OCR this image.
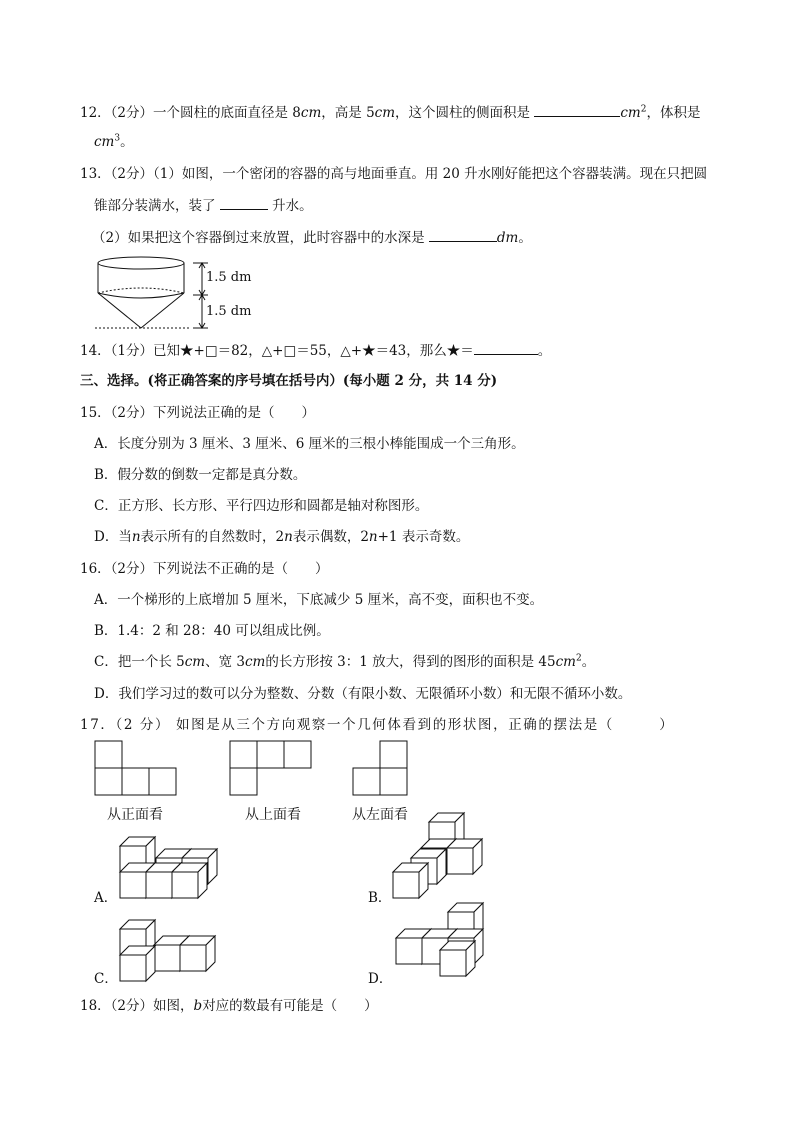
12．（2分）一个圆柱的底面直径是 8cm，高是 5cm，这个圆柱的侧面积是	$cm^2$，体积是
$cm^3$。
13．（2分）（1）如图，一个密闭的容器的高与地面垂直。用 20 升水刚好能把这个容器装满。现在只把圆
锥部分装满水，装了	升水。
（2）如果把这个容器倒过来放置，此时容器中的水深是	dm。
1.5 dm
1.5 dm
14．（1分）已知★+□＝82，△+□＝55，△+★＝43，那么★＝	。
三、选择。(将正确答案的序号填在括号内）(每小题 2 分，共 14 分)
15．（2分）下列说法正确的是（　　）
A．长度分别为 3 厘米、3 厘米、6 厘米的三根小棒能围成一个三角形。
B．假分数的倒数一定都是真分数。
C．正方形、长方形、平行四边形和圆都是轴对称图形。
D．当n表示所有的自然数时，2n表示偶数，2n+1 表示奇数。
16．（2分）下列说法不正确的是（　　）
A．一个梯形的上底增加 5 厘米，下底减少 5 厘米，高不变，面积也不变。
B．1.4：2 和 28：40 可以组成比例。
C．把一个长 5cm、宽 3cm的长方形按 3：1 放大，得到的图形的面积是 $45cm^2$。
D．我们学习过的数可以分为整数、分数（有限小数、无限循环小数）和无限不循环小数。
17．（2 分） 如图是从三个方向观察一个几何体看到的形状图，正确的摆法是（　　　）
从正面看	从上面看	从左面看
A．	B．
C．	D．
18．（2分）如图，b对应的数最有可能是（　　）
